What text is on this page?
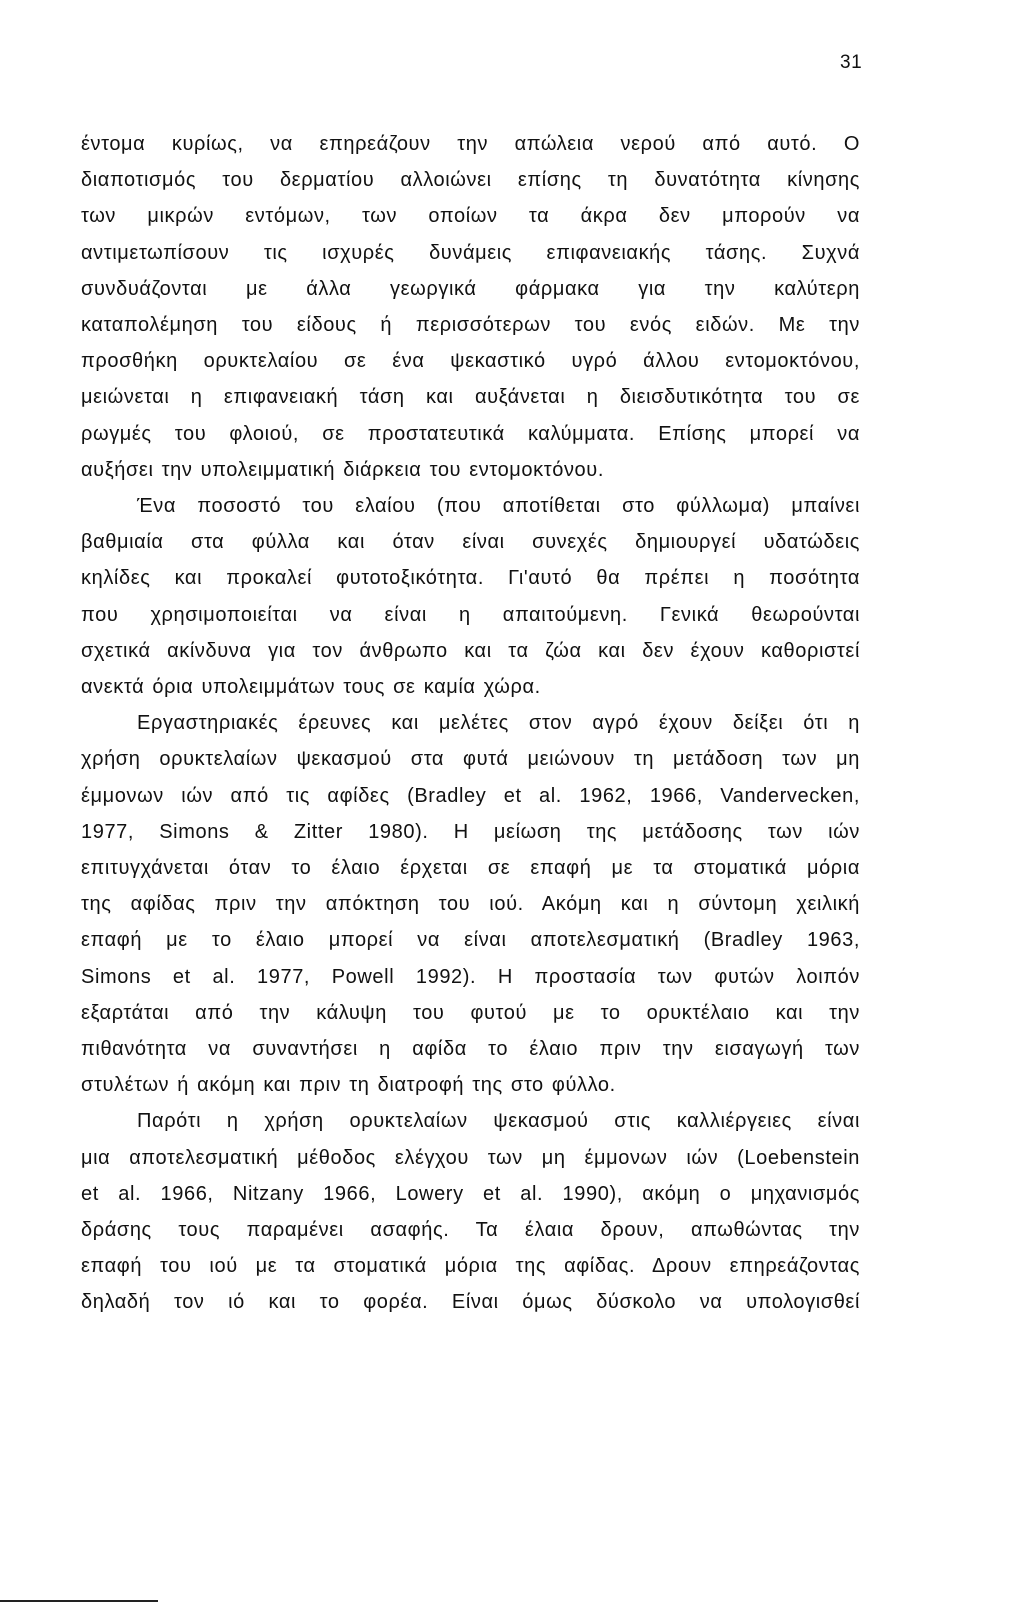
31
έντομα κυρίως, να επηρεάζουν την απώλεια νερού από αυτό. Ο
διαποτισμός του δερματίου αλλοιώνει επίσης τη δυνατότητα κίνησης
των μικρών εντόμων, των οποίων τα άκρα δεν μπορούν να
αντιμετωπίσουν τις ισχυρές δυνάμεις επιφανειακής τάσης. Συχνά
συνδυάζονται με άλλα γεωργικά φάρμακα για την καλύτερη
καταπολέμηση του είδους ή περισσότερων του ενός ειδών. Με την
προσθήκη ορυκτελαίου σε ένα ψεκαστικό υγρό άλλου εντομοκτόνου,
μειώνεται η επιφανειακή τάση και αυξάνεται η διεισδυτικότητα του σε
ρωγμές του φλοιού, σε προστατευτικά καλύμματα. Επίσης μπορεί να
αυξήσει την υπολειμματική διάρκεια του εντομοκτόνου.
Ένα ποσοστό του ελαίου (που αποτίθεται στο φύλλωμα) μπαίνει
βαθμιαία στα φύλλα και όταν είναι συνεχές δημιουργεί υδατώδεις
κηλίδες και προκαλεί φυτοτοξικότητα. Γι'αυτό θα πρέπει η ποσότητα
που χρησιμοποιείται να είναι η απαιτούμενη. Γενικά θεωρούνται
σχετικά ακίνδυνα για τον άνθρωπο και τα ζώα και δεν έχουν καθοριστεί
ανεκτά όρια υπολειμμάτων τους σε καμία χώρα.
Εργαστηριακές έρευνες και μελέτες στον αγρό έχουν δείξει ότι η
χρήση ορυκτελαίων ψεκασμού στα φυτά μειώνουν τη μετάδοση των μη
έμμονων ιών από τις αφίδες (Bradley et al. 1962, 1966, Vandervecken,
1977, Simons & Zitter 1980). Η μείωση της μετάδοσης των ιών
επιτυγχάνεται όταν το έλαιο έρχεται σε επαφή με τα στοματικά μόρια
της αφίδας πριν την απόκτηση του ιού. Ακόμη και η σύντομη χειλική
επαφή με το έλαιο μπορεί να είναι αποτελεσματική (Bradley 1963,
Simons et al. 1977, Powell 1992). Η προστασία των φυτών λοιπόν
εξαρτάται από την κάλυψη του φυτού με το ορυκτέλαιο και την
πιθανότητα να συναντήσει η αφίδα το έλαιο πριν την εισαγωγή των
στυλέτων ή ακόμη και πριν τη διατροφή της στο φύλλο.
Παρότι η χρήση ορυκτελαίων ψεκασμού στις καλλιέργειες είναι
μια αποτελεσματική μέθοδος ελέγχου των μη έμμονων ιών (Loebenstein
et al. 1966, Nitzany 1966, Lowery et al. 1990), ακόμη ο μηχανισμός
δράσης τους παραμένει ασαφής. Τα έλαια δρουν, απωθώντας την
επαφή του ιού με τα στοματικά μόρια της αφίδας. Δρουν επηρεάζοντας
δηλαδή τον ιό και το φορέα. Είναι όμως δύσκολο να υπολογισθεί
